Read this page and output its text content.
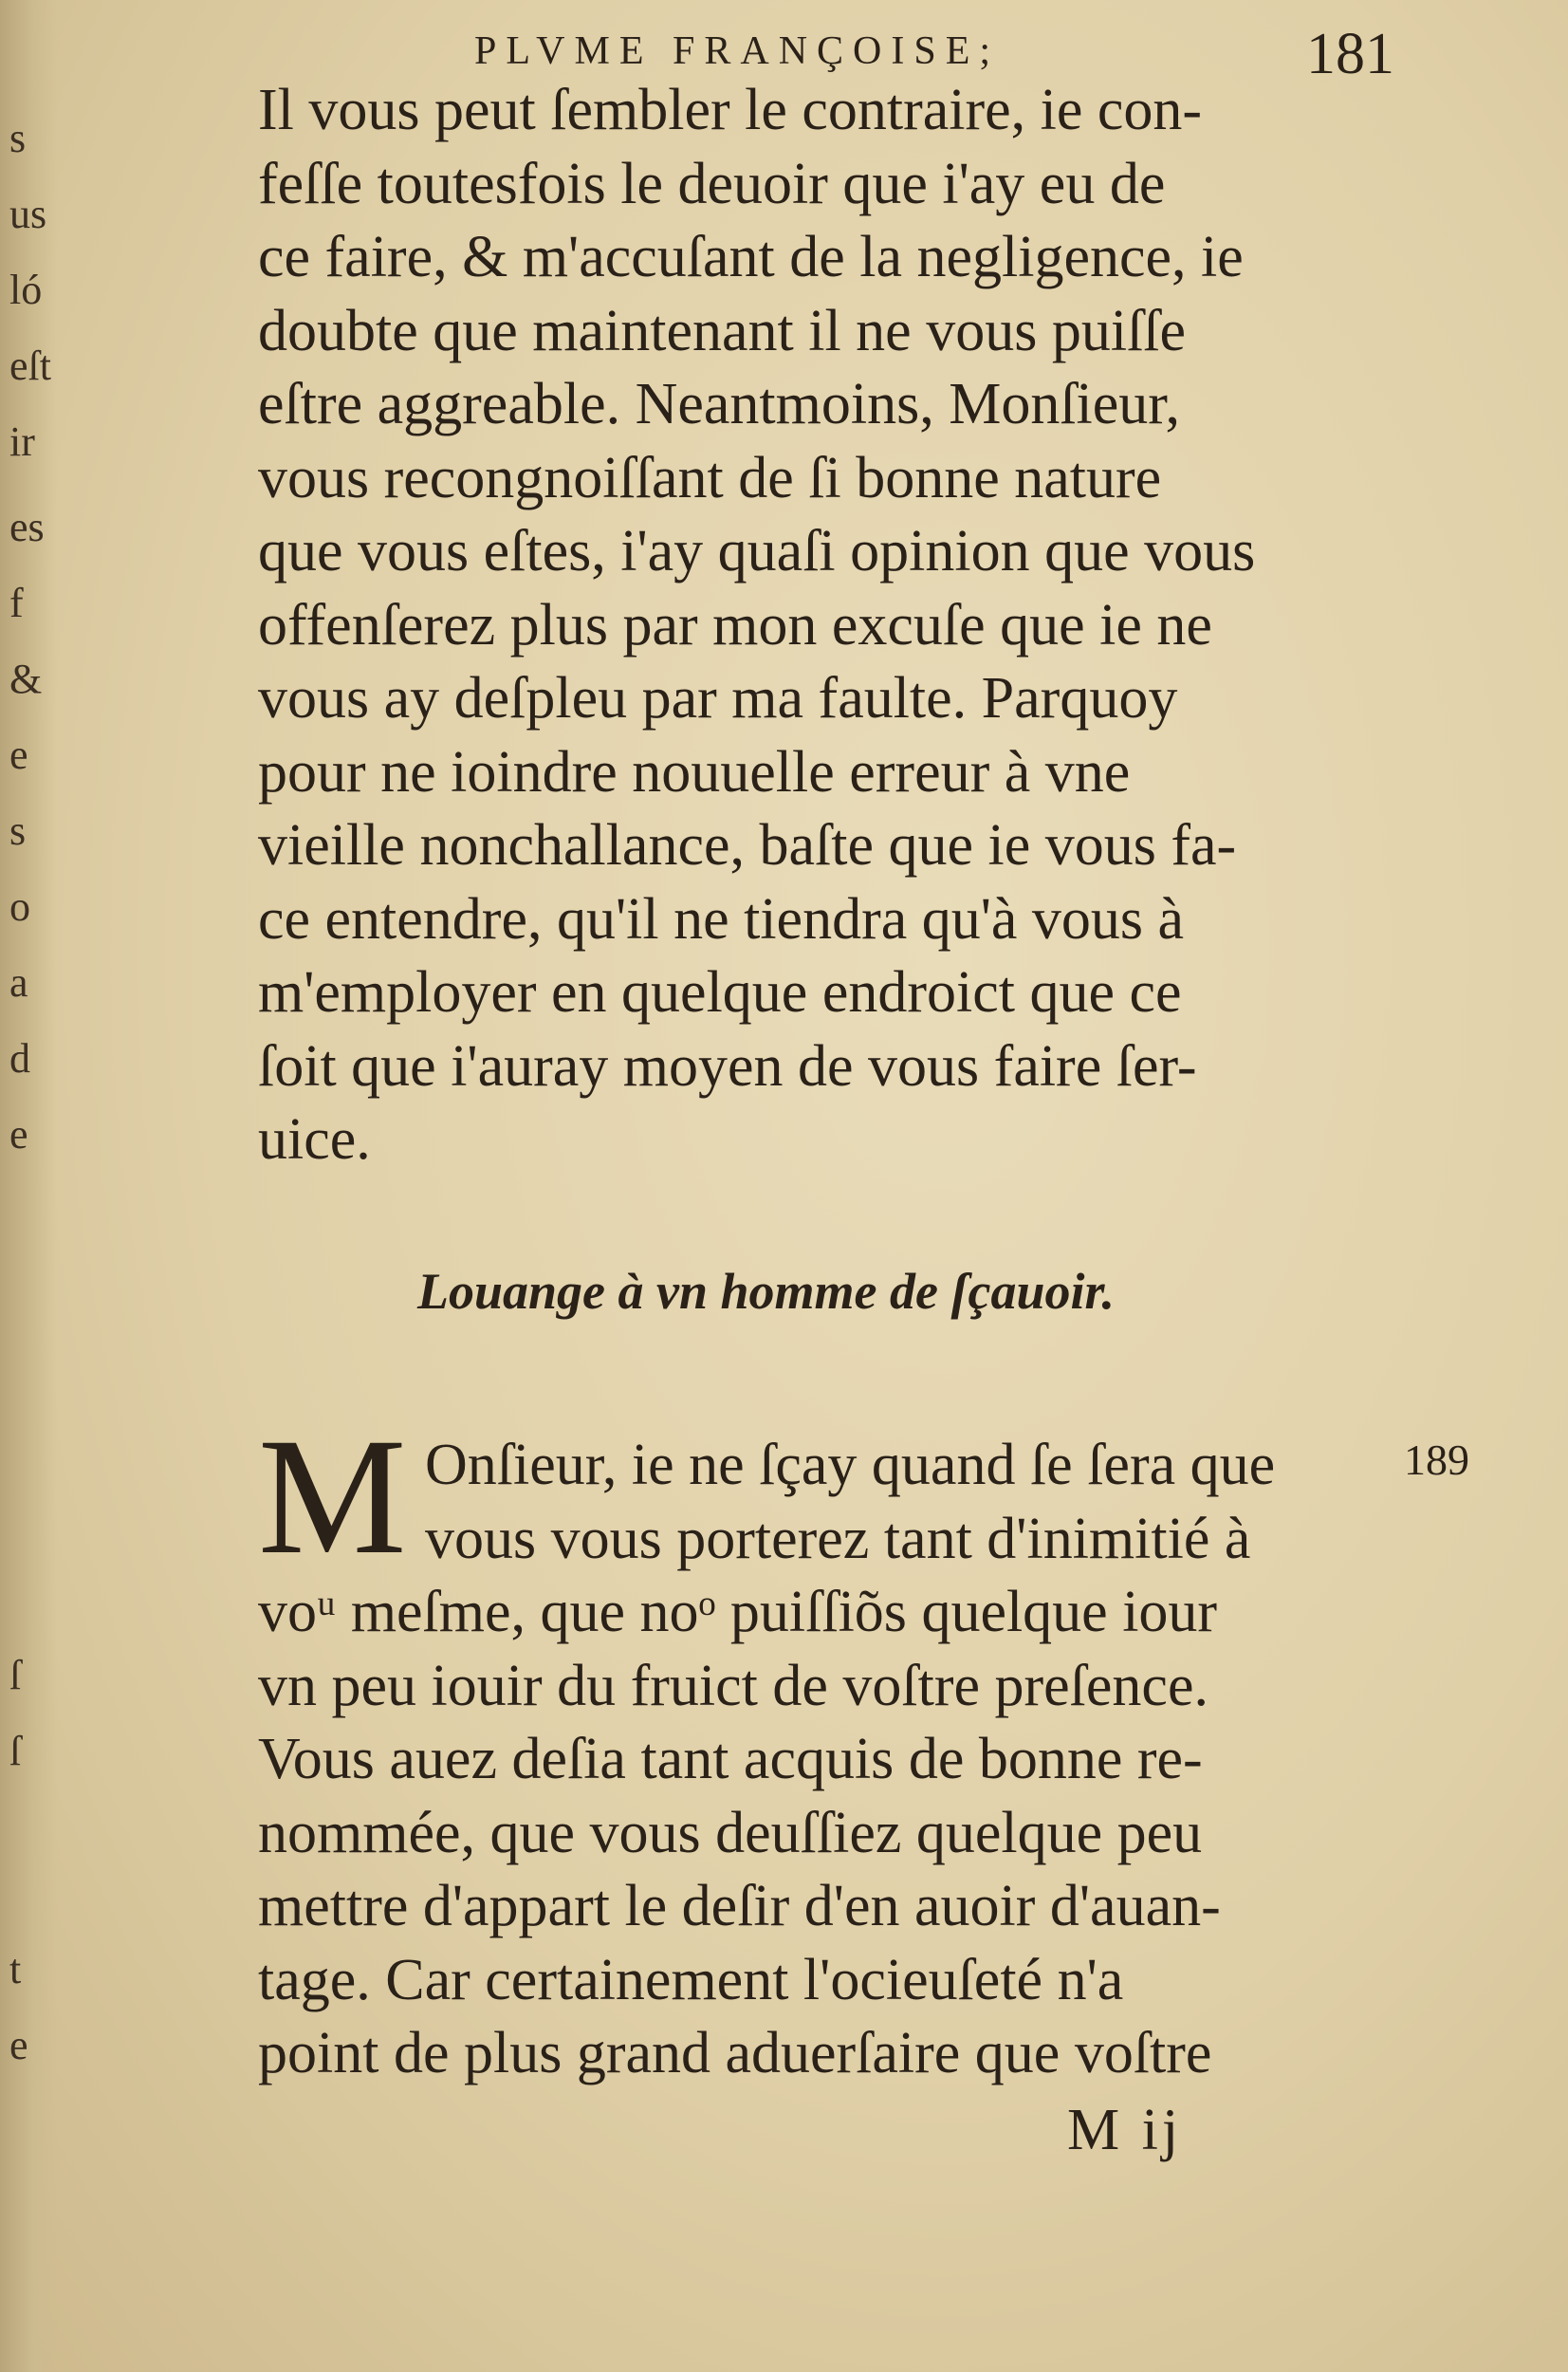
s
us
ló
eſt
ir
es
f
&
e
s
o
a
d
e
ſ
ſ
t
e
PLVME FRANÇOISE;	181
Il vous peut ſembler le contraire, ie con-
feſſe toutesfois le deuoir que i'ay eu de
ce faire, & m'accuſant de la negligence, ie
doubte que maintenant il ne vous puiſſe
eſtre aggreable. Neantmoins, Monſieur,
vous recongnoiſſant de ſi bonne nature
que vous eſtes, i'ay quaſi opinion que vous
offenſerez plus par mon excuſe que ie ne
vous ay deſpleu par ma faulte. Parquoy
pour ne ioindre nouuelle erreur à vne
vieille nonchallance, baſte que ie vous fa-
ce entendre, qu'il ne tiendra qu'à vous à
m'employer en quelque endroict que ce
ſoit que i'auray moyen de vous faire ſer-
uice.
Louange à vn homme de ſçauoir.
M Onſieur, ie ne ſçay quand ſe ſera que
vous vous porterez tant d'inimitié à
voᵘ meſme, que noᵒ puiſſiõs quelque iour
vn peu iouir du fruict de voſtre preſence.
Vous auez deſia tant acquis de bonne re-
nommée, que vous deuſſiez quelque peu
mettre d'appart le deſir d'en auoir d'auan-
tage. Car certainement l'ocieuſeté n'a
point de plus grand aduerſaire que voſtre
189
M ij
